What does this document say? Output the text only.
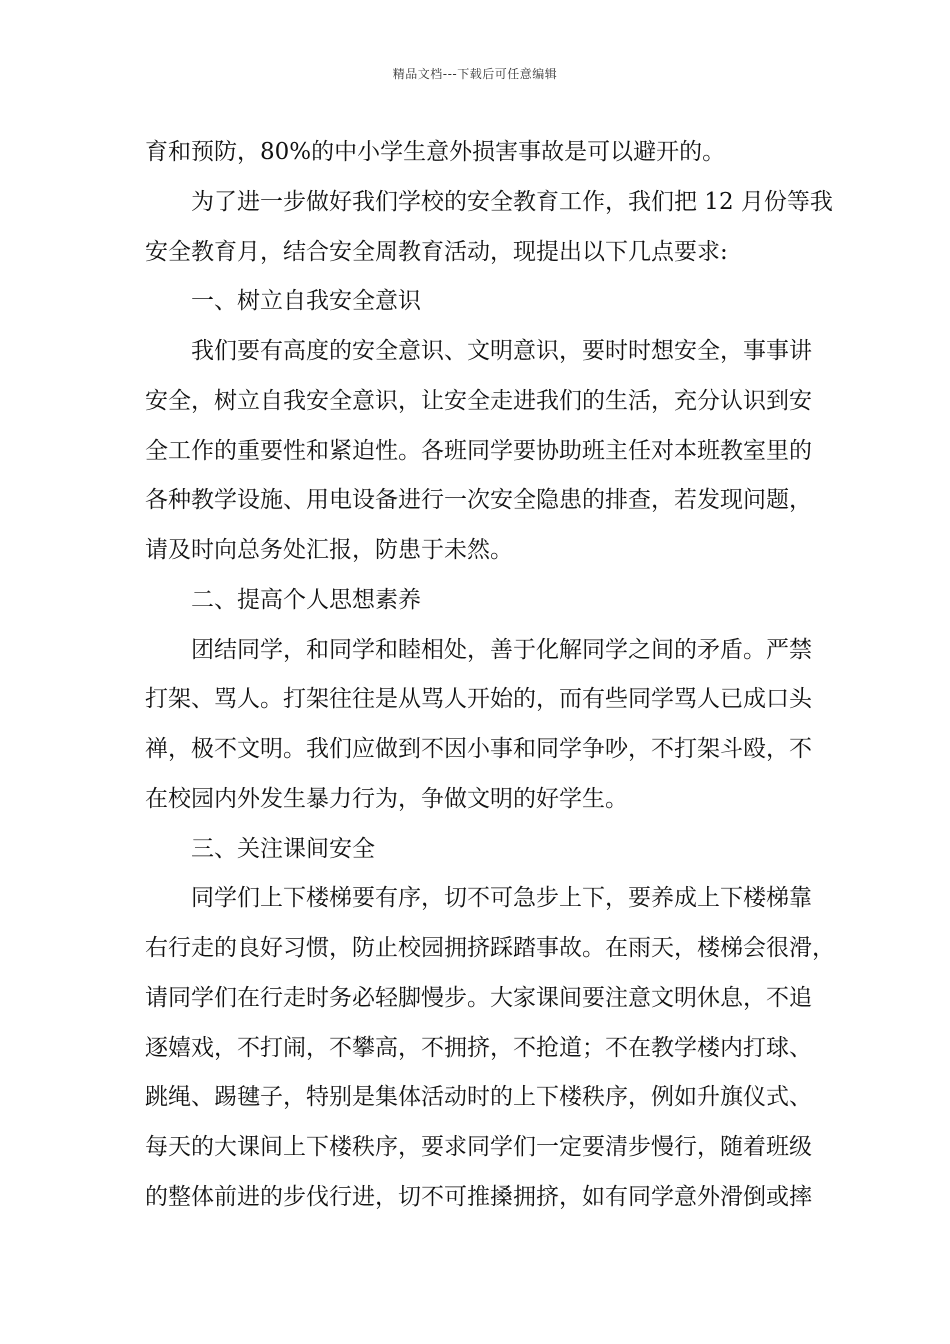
精品文档---下载后可任意编辑
育和预防，80%的中小学生意外损害事故是可以避开的。
为了进一步做好我们学校的安全教育工作，我们把 12 月份等我
安全教育月，结合安全周教育活动，现提出以下几点要求:
一、树立自我安全意识
我们要有高度的安全意识、文明意识，要时时想安全，事事讲
安全，树立自我安全意识，让安全走进我们的生活，充分认识到安
全工作的重要性和紧迫性。各班同学要协助班主任对本班教室里的
各种教学设施、用电设备进行一次安全隐患的排查，若发现问题，
请及时向总务处汇报，防患于未然。
二、提高个人思想素养
团结同学，和同学和睦相处，善于化解同学之间的矛盾。严禁
打架、骂人。打架往往是从骂人开始的，而有些同学骂人已成口头
禅，极不文明。我们应做到不因小事和同学争吵，不打架斗殴，不
在校园内外发生暴力行为，争做文明的好学生。
三、关注课间安全
同学们上下楼梯要有序，切不可急步上下，要养成上下楼梯靠
右行走的良好习惯，防止校园拥挤踩踏事故。在雨天，楼梯会很滑，
请同学们在行走时务必轻脚慢步。大家课间要注意文明休息，不追
逐嬉戏，不打闹，不攀高，不拥挤，不抢道；不在教学楼内打球、
跳绳、踢毽子，特别是集体活动时的上下楼秩序，例如升旗仪式、
每天的大课间上下楼秩序，要求同学们一定要清步慢行，随着班级
的整体前进的步伐行进，切不可推搡拥挤，如有同学意外滑倒或摔
